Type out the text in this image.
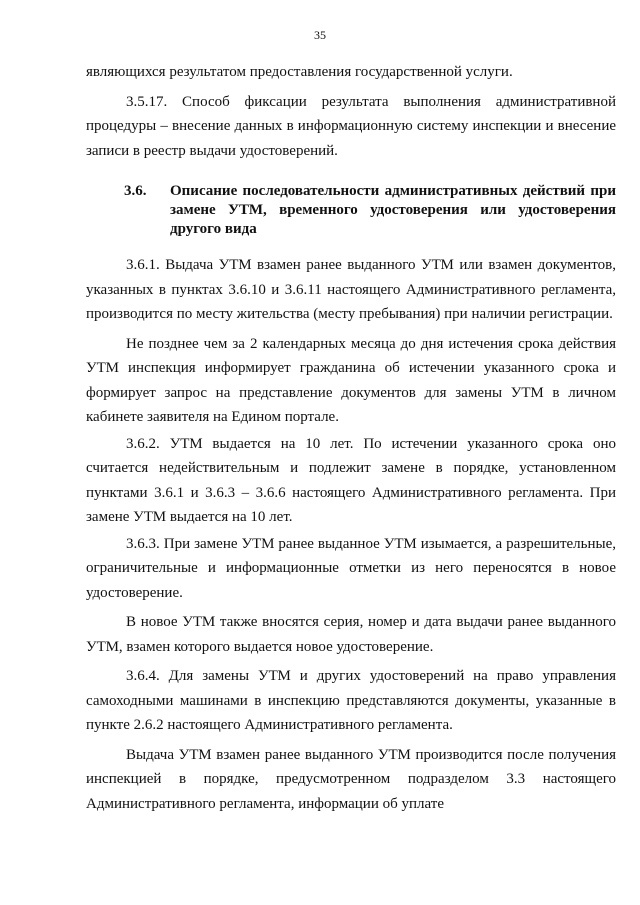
35

являющихся результатом предоставления государственной услуги.

3.5.17. Способ фиксации результата выполнения административной процедуры – внесение данных в информационную систему инспекции и внесение записи в реестр выдачи удостоверений.

3.6.	Описание последовательности административных действий при замене УТМ, временного удостоверения или удостоверения другого вида

3.6.1. Выдача УТМ взамен ранее выданного УТМ или взамен документов, указанных в пунктах 3.6.10 и 3.6.11 настоящего Административного регламента, производится по месту жительства (месту пребывания) при наличии регистрации.

Не позднее чем за 2 календарных месяца до дня истечения срока действия УТМ инспекция информирует гражданина об истечении указанного срока и формирует запрос на представление документов для замены УТМ в личном кабинете заявителя на Едином портале.

3.6.2. УТМ выдается на 10 лет. По истечении указанного срока оно считается недействительным и подлежит замене в порядке, установленном пунктами 3.6.1 и 3.6.3 – 3.6.6 настоящего Административного регламента. При замене УТМ выдается на 10 лет.

3.6.3. При замене УТМ ранее выданное УТМ изымается, а разрешительные, ограничительные и информационные отметки из него переносятся в новое удостоверение.

В новое УТМ также вносятся серия, номер и дата выдачи ранее выданного УТМ, взамен которого выдается новое удостоверение.

3.6.4. Для замены УТМ и других удостоверений на право управления самоходными машинами в инспекцию представляются документы, указанные в пункте 2.6.2 настоящего Административного регламента.

Выдача УТМ взамен ранее выданного УТМ производится после получения инспекцией в порядке, предусмотренном подразделом 3.3 настоящего Административного регламента, информации об уплате
